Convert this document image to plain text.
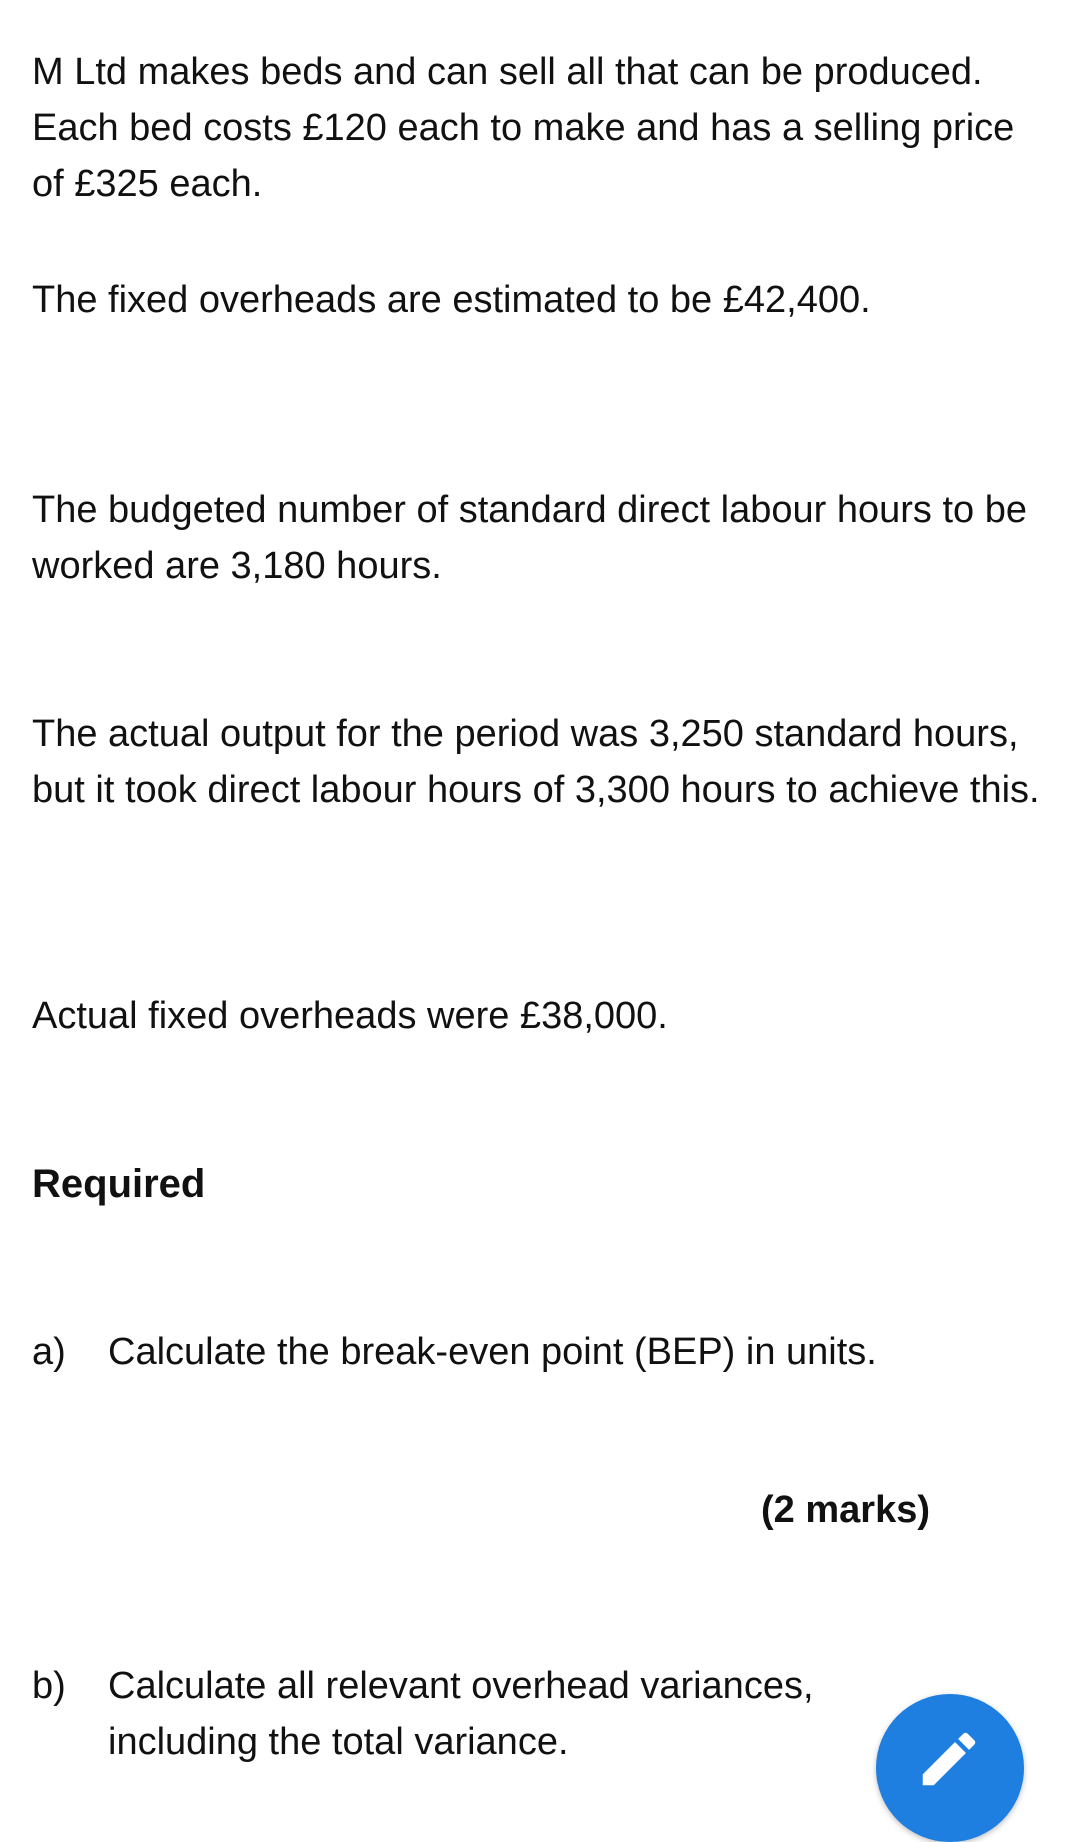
M Ltd makes beds and can sell all that can be produced. Each bed costs £120 each to make and has a selling price of £325 each.

The fixed overheads are estimated to be £42,400.

The budgeted number of standard direct labour hours to be worked are 3,180 hours.

The actual output for the period was 3,250 standard hours, but it took direct labour hours of 3,300 hours to achieve this.

Actual fixed overheads were £38,000.

Required

a) Calculate the break-even point (BEP) in units.
(2 marks)
b) Calculate all relevant overhead variances, including the total variance.
